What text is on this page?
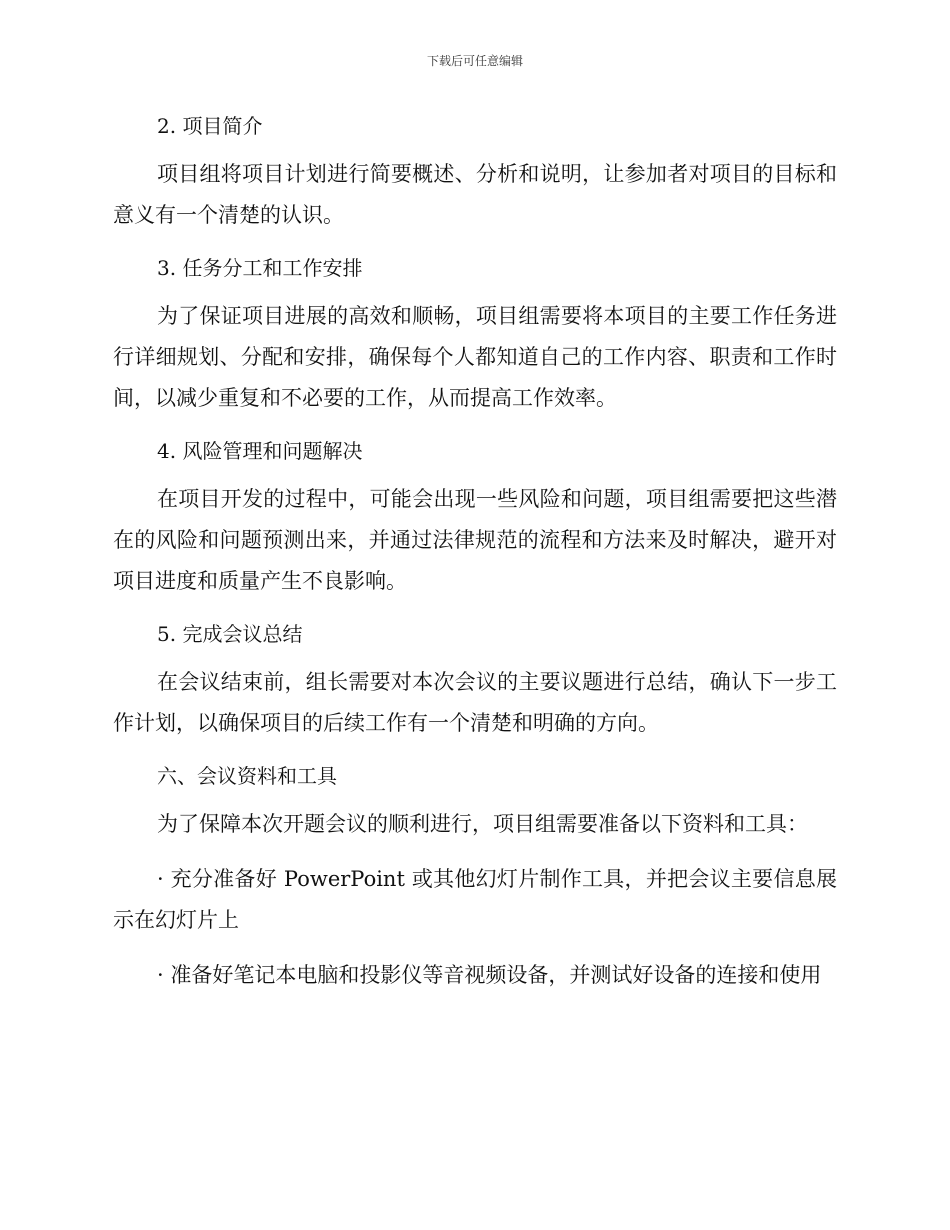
下载后可任意编辑
2. 项目简介

项目组将项目计划进行简要概述、分析和说明，让参加者对项目的目标和意义有一个清楚的认识。

3. 任务分工和工作安排

为了保证项目进展的高效和顺畅，项目组需要将本项目的主要工作任务进行详细规划、分配和安排，确保每个人都知道自己的工作内容、职责和工作时间，以减少重复和不必要的工作，从而提高工作效率。

4. 风险管理和问题解决

在项目开发的过程中，可能会出现一些风险和问题，项目组需要把这些潜在的风险和问题预测出来，并通过法律规范的流程和方法来及时解决，避开对项目进度和质量产生不良影响。

5. 完成会议总结

在会议结束前，组长需要对本次会议的主要议题进行总结，确认下一步工作计划，以确保项目的后续工作有一个清楚和明确的方向。

六、会议资料和工具

为了保障本次开题会议的顺利进行，项目组需要准备以下资料和工具：

· 充分准备好 PowerPoint 或其他幻灯片制作工具，并把会议主要信息展示在幻灯片上

· 准备好笔记本电脑和投影仪等音视频设备，并测试好设备的连接和使用
